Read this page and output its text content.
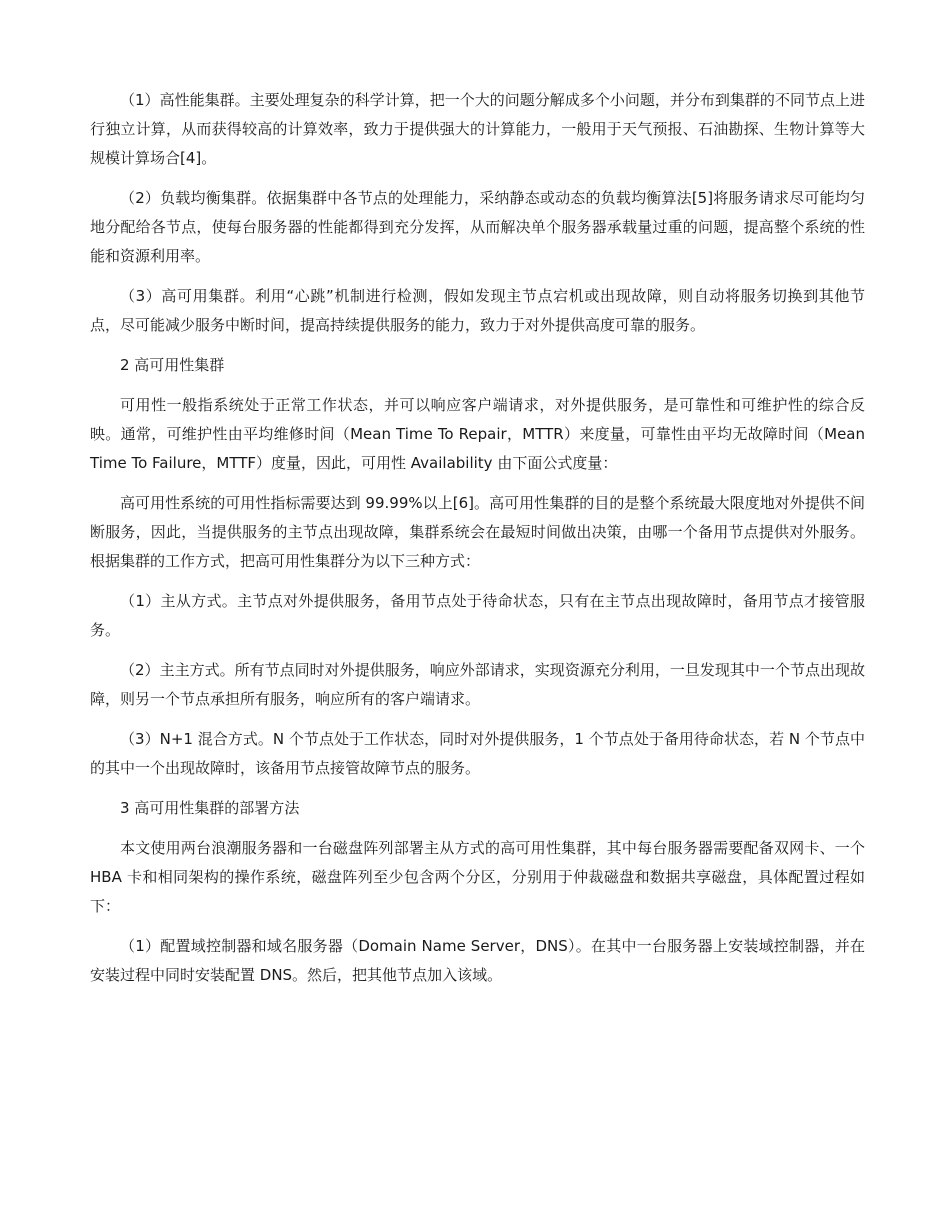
（1）高性能集群。主要处理复杂的科学计算，把一个大的问题分解成多个小问题，并分布到集群的不同节点上进行独立计算，从而获得较高的计算效率，致力于提供强大的计算能力，一般用于天气预报、石油勘探、生物计算等大规模计算场合[4]。

（2）负载均衡集群。依据集群中各节点的处理能力，采纳静态或动态的负载均衡算法[5]将服务请求尽可能均匀地分配给各节点，使每台服务器的性能都得到充分发挥，从而解决单个服务器承载量过重的问题，提高整个系统的性能和资源利用率。

（3）高可用集群。利用“心跳”机制进行检测，假如发现主节点宕机或出现故障，则自动将服务切换到其他节点，尽可能减少服务中断时间，提高持续提供服务的能力，致力于对外提供高度可靠的服务。

2 高可用性集群

可用性一般指系统处于正常工作状态，并可以响应客户端请求，对外提供服务，是可靠性和可维护性的综合反映。通常，可维护性由平均维修时间（Mean Time To Repair，MTTR）来度量，可靠性由平均无故障时间（Mean Time To Failure，MTTF）度量，因此，可用性 Availability 由下面公式度量：

高可用性系统的可用性指标需要达到 99.99%以上[6]。高可用性集群的目的是整个系统最大限度地对外提供不间断服务，因此，当提供服务的主节点出现故障，集群系统会在最短时间做出决策，由哪一个备用节点提供对外服务。根据集群的工作方式，把高可用性集群分为以下三种方式：

（1）主从方式。主节点对外提供服务，备用节点处于待命状态，只有在主节点出现故障时，备用节点才接管服务。

（2）主主方式。所有节点同时对外提供服务，响应外部请求，实现资源充分利用，一旦发现其中一个节点出现故障，则另一个节点承担所有服务，响应所有的客户端请求。

（3）N+1 混合方式。N 个节点处于工作状态，同时对外提供服务，1 个节点处于备用待命状态，若 N 个节点中的其中一个出现故障时，该备用节点接管故障节点的服务。

3 高可用性集群的部署方法

本文使用两台浪潮服务器和一台磁盘阵列部署主从方式的高可用性集群，其中每台服务器需要配备双网卡、一个 HBA 卡和相同架构的操作系统，磁盘阵列至少包含两个分区，分别用于仲裁磁盘和数据共享磁盘，具体配置过程如下：

（1）配置域控制器和域名服务器（Domain Name Server，DNS）。在其中一台服务器上安装域控制器，并在安装过程中同时安装配置 DNS。然后，把其他节点加入该域。
